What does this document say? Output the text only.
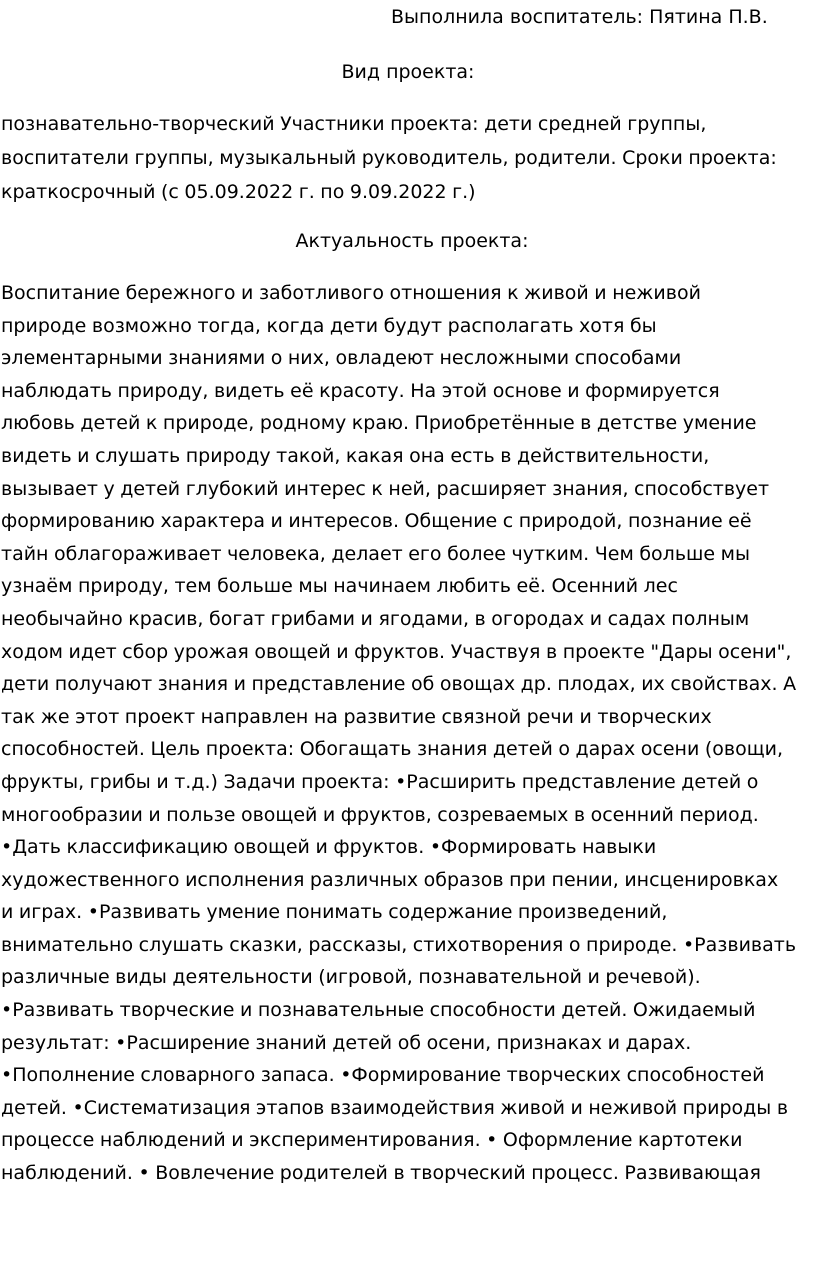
Выполнила воспитатель: Пятина П.В.
Вид проекта:
познавательно-творческий Участники проекта: дети средней группы,
воспитатели группы, музыкальный руководитель, родители. Сроки проекта:
краткосрочный (с 05.09.2022 г. по 9.09.2022 г.)
Актуальность проекта:
Воспитание бережного и заботливого отношения к живой и неживой
природе возможно тогда, когда дети будут располагать хотя бы
элементарными знаниями о них, овладеют несложными способами
наблюдать природу, видеть её красоту. На этой основе и формируется
любовь детей к природе, родному краю. Приобретённые в детстве умение
видеть и слушать природу такой, какая она есть в действительности,
вызывает у детей глубокий интерес к ней, расширяет знания, способствует
формированию характера и интересов. Общение с природой, познание её
тайн облагораживает человека, делает его более чутким. Чем больше мы
узнаём природу, тем больше мы начинаем любить её. Осенний лес
необычайно красив, богат грибами и ягодами, в огородах и садах полным
ходом идет сбор урожая овощей и фруктов. Участвуя в проекте "Дары осени",
дети получают знания и представление об овощах др. плодах, их свойствах. А
так же этот проект направлен на развитие связной речи и творческих
способностей. Цель проекта: Обогащать знания детей о дарах осени (овощи,
фрукты, грибы и т.д.) Задачи проекта: •Расширить представление детей о
многообразии и пользе овощей и фруктов, созреваемых в осенний период.
•Дать классификацию овощей и фруктов. •Формировать навыки
художественного исполнения различных образов при пении, инсценировках
и играх. •Развивать умение понимать содержание произведений,
внимательно слушать сказки, рассказы, стихотворения о природе. •Развивать
различные виды деятельности (игровой, познавательной и речевой).
•Развивать творческие и познавательные способности детей. Ожидаемый
результат: •Расширение знаний детей об осени, признаках и дарах.
•Пополнение словарного запаса. •Формирование творческих способностей
детей. •Систематизация этапов взаимодействия живой и неживой природы в
процессе наблюдений и экспериментирования. • Оформление картотеки
наблюдений. • Вовлечение родителей в творческий процесс. Развивающая
